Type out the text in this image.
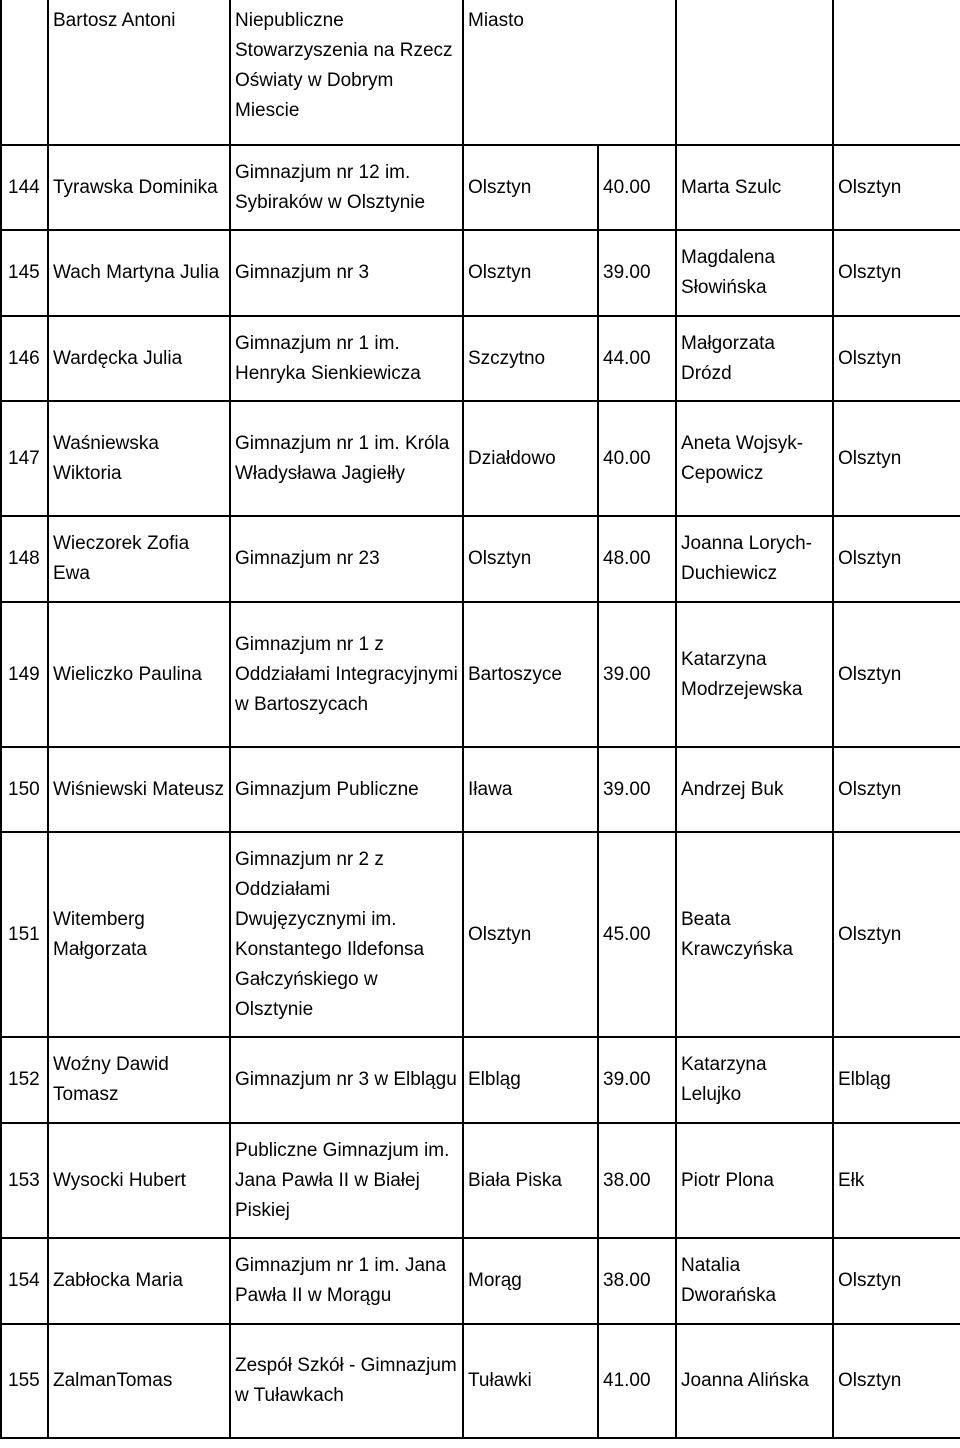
	Bartosz Antoni	Niepubliczne Stowarzyszenia na Rzecz Oświaty w Dobrym Miescie	Miasto			
144	Tyrawska Dominika	Gimnazjum nr 12 im. Sybiraków w Olsztynie	Olsztyn	40.00	Marta Szulc	Olsztyn
145	Wach Martyna Julia	Gimnazjum nr 3	Olsztyn	39.00	Magdalena Słowińska	Olsztyn
146	Wardęcka Julia	Gimnazjum nr 1 im. Henryka Sienkiewicza	Szczytno	44.00	Małgorzata Drózd	Olsztyn
147	Waśniewska Wiktoria	Gimnazjum nr 1 im. Króla Władysława Jagiełły	Działdowo	40.00	Aneta Wojsyk-Cepowicz	Olsztyn
148	Wieczorek Zofia Ewa	Gimnazjum nr 23	Olsztyn	48.00	Joanna Lorych-Duchiewicz	Olsztyn
149	Wieliczko Paulina	Gimnazjum nr 1 z Oddziałami Integracyjnymi w Bartoszycach	Bartoszyce	39.00	Katarzyna Modrzejewska	Olsztyn
150	Wiśniewski Mateusz	Gimnazjum Publiczne	Iława	39.00	Andrzej Buk	Olsztyn
151	Witemberg Małgorzata	Gimnazjum nr 2 z Oddziałami Dwujęzycznymi im. Konstantego Ildefonsa Gałczyńskiego w Olsztynie	Olsztyn	45.00	Beata Krawczyńska	Olsztyn
152	Woźny Dawid Tomasz	Gimnazjum nr 3 w Elblągu	Elbląg	39.00	Katarzyna Lelujko	Elbląg
153	Wysocki Hubert	Publiczne Gimnazjum im. Jana Pawła II w Białej Piskiej	Biała Piska	38.00	Piotr Plona	Ełk
154	Zabłocka Maria	Gimnazjum nr 1 im. Jana Pawła II w Morągu	Morąg	38.00	Natalia Dworańska	Olsztyn
155	ZalmanTomas	Zespół Szkół - Gimnazjum w Tuławkach	Tuławki	41.00	Joanna Alińska	Olsztyn
